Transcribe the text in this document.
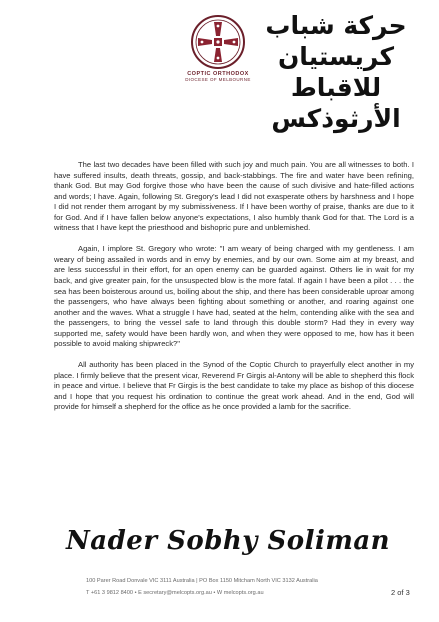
COPTIC ORTHODOX
DIOCESE OF MELBOURNE
حركة شباب
كريستيان
للاقباط
الأرثوذكس

The last two decades have been filled with such joy and much pain. You are all witnesses to both. I have suffered insults, death threats, gossip, and back-stabbings. The fire and water have been refining, thank God. But may God forgive those who have been the cause of such divisive and hate-filled actions and words; I have. Again, following St. Gregory's lead I did not exasperate others by harshness and I hope I did not render them arrogant by my submissiveness. If I have been worthy of praise, thanks are due to it for God. And if I have fallen below anyone's expectations, I also humbly thank God for that. The Lord is a witness that I have kept the priesthood and bishopric pure and unblemished.

Again, I implore St. Gregory who wrote: "I am weary of being charged with my gentleness. I am weary of being assailed in words and in envy by enemies, and by our own. Some aim at my breast, and are less successful in their effort, for an open enemy can be guarded against. Others lie in wait for my back, and give greater pain, for the unsuspected blow is the more fatal. If again I have been a pilot . . . the sea has been boisterous around us, boiling about the ship, and there has been considerable uproar among the passengers, who have always been fighting about something or another, and roaring against one another and the waves. What a struggle I have had, seated at the helm, contending alike with the sea and the passengers, to bring the vessel safe to land through this double storm? Had they in every way supported me, safety would have been hardly won, and when they were opposed to me, how has it been possible to avoid making shipwreck?"

All authority has been placed in the Synod of the Coptic Church to prayerfully elect another in my place. I firmly believe that the present vicar, Reverend Fr Girgis al-Antony will be able to shepherd this flock in peace and virtue. I believe that Fr Girgis is the best candidate to take my place as bishop of this diocese and I hope that you request his ordination to continue the great work ahead. And in the end, God will provide for himself a shepherd for the office as he once provided a lamb for the sacrifice.

Nader Sobhy Soliman
100 Parer Road Donvale VIC 3111 Australia | PO Box 1150 Mitcham North VIC 3132 Australia
T +61 3 9812 8400 • E secretary@melcopts.org.au • W melcopts.org.au	2 of 3
